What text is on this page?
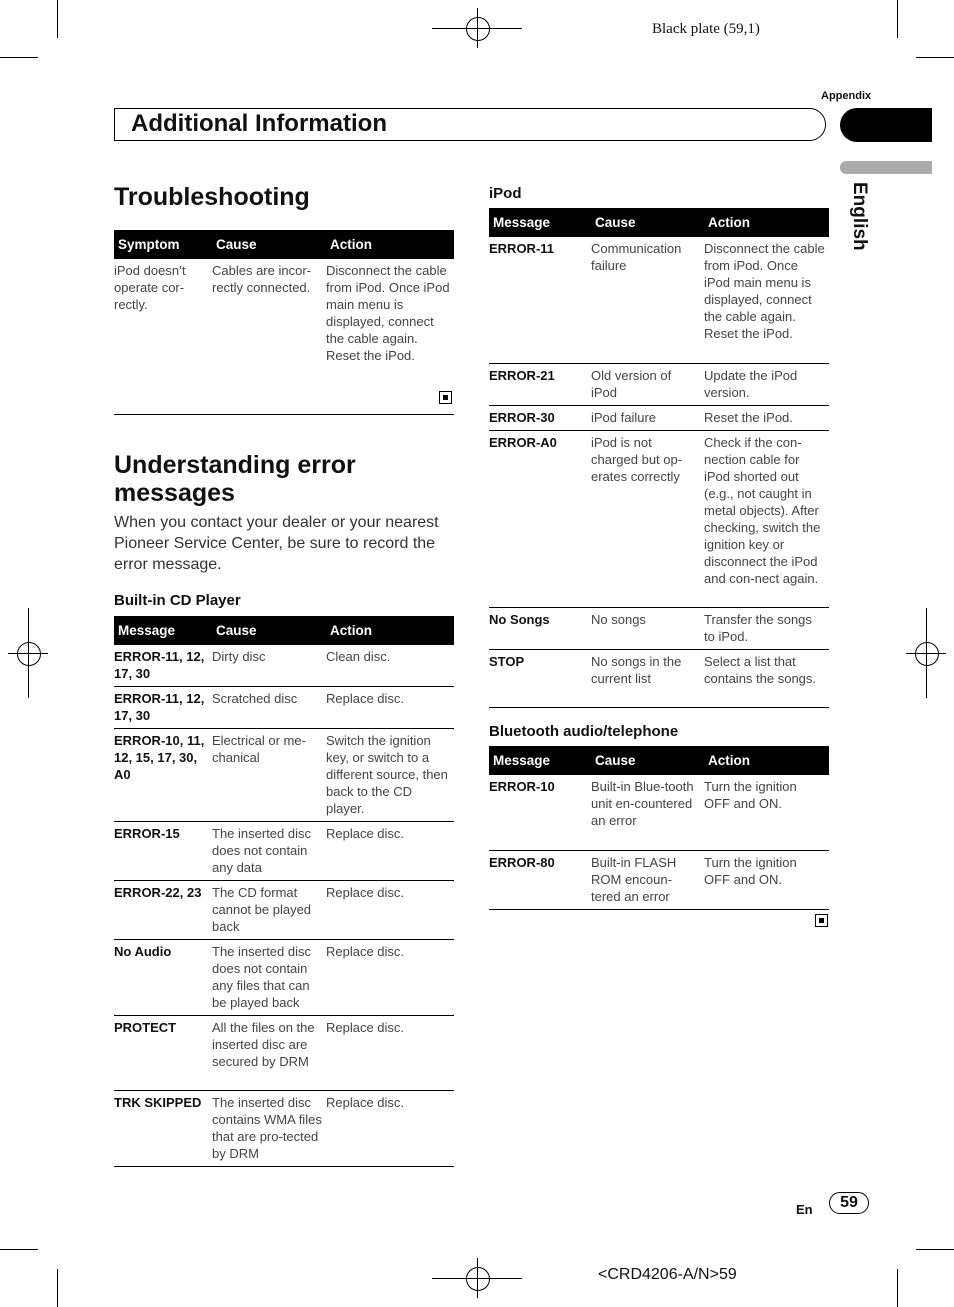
Black plate (59,1)
Appendix
Additional Information
English
Troubleshooting
Symptom	Cause	Action
iPod doesn’t operate cor-rectly.	Cables are incor-rectly connected.	Disconnect the cable from iPod. Once iPod main menu is displayed, connect the cable again.
Reset the iPod.
Understanding error messages
When you contact your dealer or your nearest Pioneer Service Center, be sure to record the error message.
Built-in CD Player
Message	Cause	Action
ERROR-11, 12, 17, 30	Dirty disc	Clean disc.
ERROR-11, 12, 17, 30	Scratched disc	Replace disc.
ERROR-10, 11, 12, 15, 17, 30, A0	Electrical or me-chanical	Switch the ignition key, or switch to a different source, then back to the CD player.
ERROR-15	The inserted disc does not contain any data	Replace disc.
ERROR-22, 23	The CD format cannot be played back	Replace disc.
No Audio	The inserted disc does not contain any files that can be played back	Replace disc.
PROTECT	All the files on the inserted disc are secured by DRM	Replace disc.
TRK SKIPPED	The inserted disc contains WMA files that are pro-tected by DRM	Replace disc.
iPod
Message	Cause	Action
ERROR-11	Communication failure	Disconnect the cable from iPod. Once iPod main menu is displayed, connect the cable again.
Reset the iPod.
ERROR-21	Old version of iPod	Update the iPod version.
ERROR-30	iPod failure	Reset the iPod.
ERROR-A0	iPod is not charged but op-erates correctly	Check if the con-nection cable for iPod shorted out (e.g., not caught in metal objects). After checking, switch the ignition key or disconnect the iPod and con-nect again.
No Songs	No songs	Transfer the songs to iPod.
STOP	No songs in the current list	Select a list that contains the songs.
Bluetooth audio/telephone
Message	Cause	Action
ERROR-10	Built-in Blue-tooth unit en-countered an error	Turn the ignition OFF and ON.
ERROR-80	Built-in FLASH ROM encoun-tered an error	Turn the ignition OFF and ON.
En	59
<CRD4206-A/N>59
